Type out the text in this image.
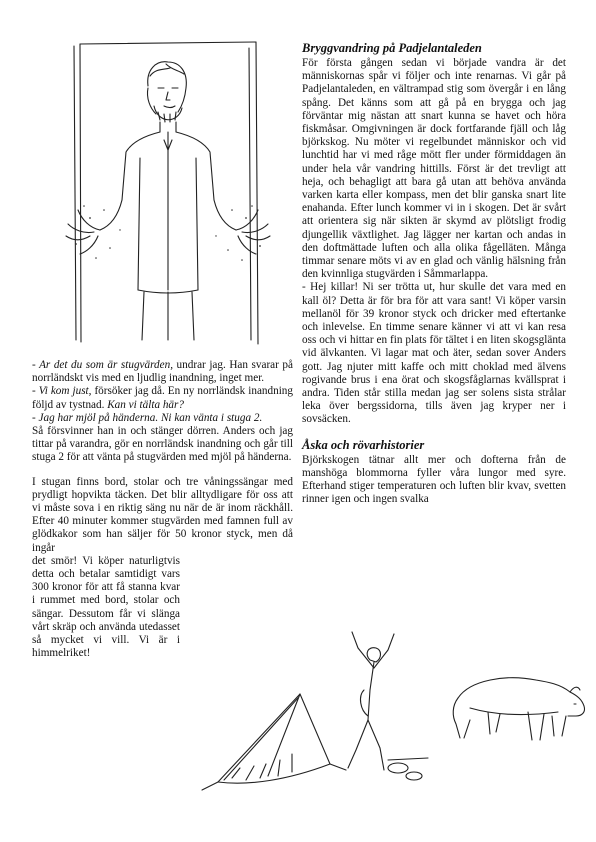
- Ar det du som är stugvärden, undrar jag. Han svarar på norrländskt vis med en ljudlig inandning, inget mer.

- Vi kom just, försöker jag då. En ny norrländsk inandning följd av tystnad. Kan vi tälta här?

- Jag har mjöl på händerna. Ni kan vänta i stuga 2.

Så försvinner han in och stänger dörren. Anders och jag tittar på varandra, gör en norrländsk inandning och går till stuga 2 för att vänta på stugvärden med mjöl på händerna.

I stugan finns bord, stolar och tre våningssängar med prydligt hopvikta täcken. Det blir alltydligare för oss att vi måste sova i en riktig säng nu när de är inom räckhåll. Efter 40 minuter kommer stugvärden med famnen full av glödkakor som han säljer för 50 kronor styck, men då ingår

det smör! Vi köper naturligtvis detta och betalar samtidigt vars 300 kronor för att få stanna kvar i rummet med bord, stolar och sängar. Dessutom får vi slänga vårt skräp och använda utedasset så mycket vi vill. Vi är i himmelriket!

Bryggvandring på Padjelantaleden

För första gången sedan vi började vandra är det människornas spår vi följer och inte renarnas. Vi går på Padjelantaleden, en vältrampad stig som övergår i en lång spång. Det känns som att gå på en brygga och jag förväntar mig nästan att snart kunna se havet och höra fiskmåsar. Omgivningen är dock fortfarande fjäll och låg björkskog. Nu möter vi regelbundet människor och vid lunchtid har vi med råge mött fler under förmiddagen än under hela vår vandring hittills. Först är det trevligt att heja, och behagligt att bara gå utan att behöva använda varken karta eller kompass, men det blir ganska snart lite enahanda. Efter lunch kommer vi in i skogen. Det är svårt att orientera sig när sikten är skymd av plötsligt frodig djungellik växtlighet. Jag lägger ner kartan och andas in den doftmättade luften och alla olika fågelläten. Många timmar senare möts vi av en glad och vänlig hälsning från den kvinnliga stugvärden i Såmmarlappa.

- Hej killar! Ni ser trötta ut, hur skulle det vara med en kall öl? Detta är för bra för att vara sant! Vi köper varsin mellanöl för 39 kronor styck och dricker med eftertanke och inlevelse. En timme senare känner vi att vi kan resa oss och vi hittar en fin plats för tältet i en liten skogsglänta vid älvkanten. Vi lagar mat och äter, sedan sover Anders gott. Jag njuter mitt kaffe och mitt choklad med älvens rogivande brus i ena örat och skogsfåglarnas kvällsprat i andra. Tiden står stilla medan jag ser solens sista strålar leka över bergssidorna, tills även jag kryper ner i sovsäcken.

Åska och rövarhistorier

Björkskogen tätnar allt mer och dofterna från de manshöga blommorna fyller våra lungor med syre. Efterhand stiger temperaturen och luften blir kvav, svetten rinner igen och ingen svalka
